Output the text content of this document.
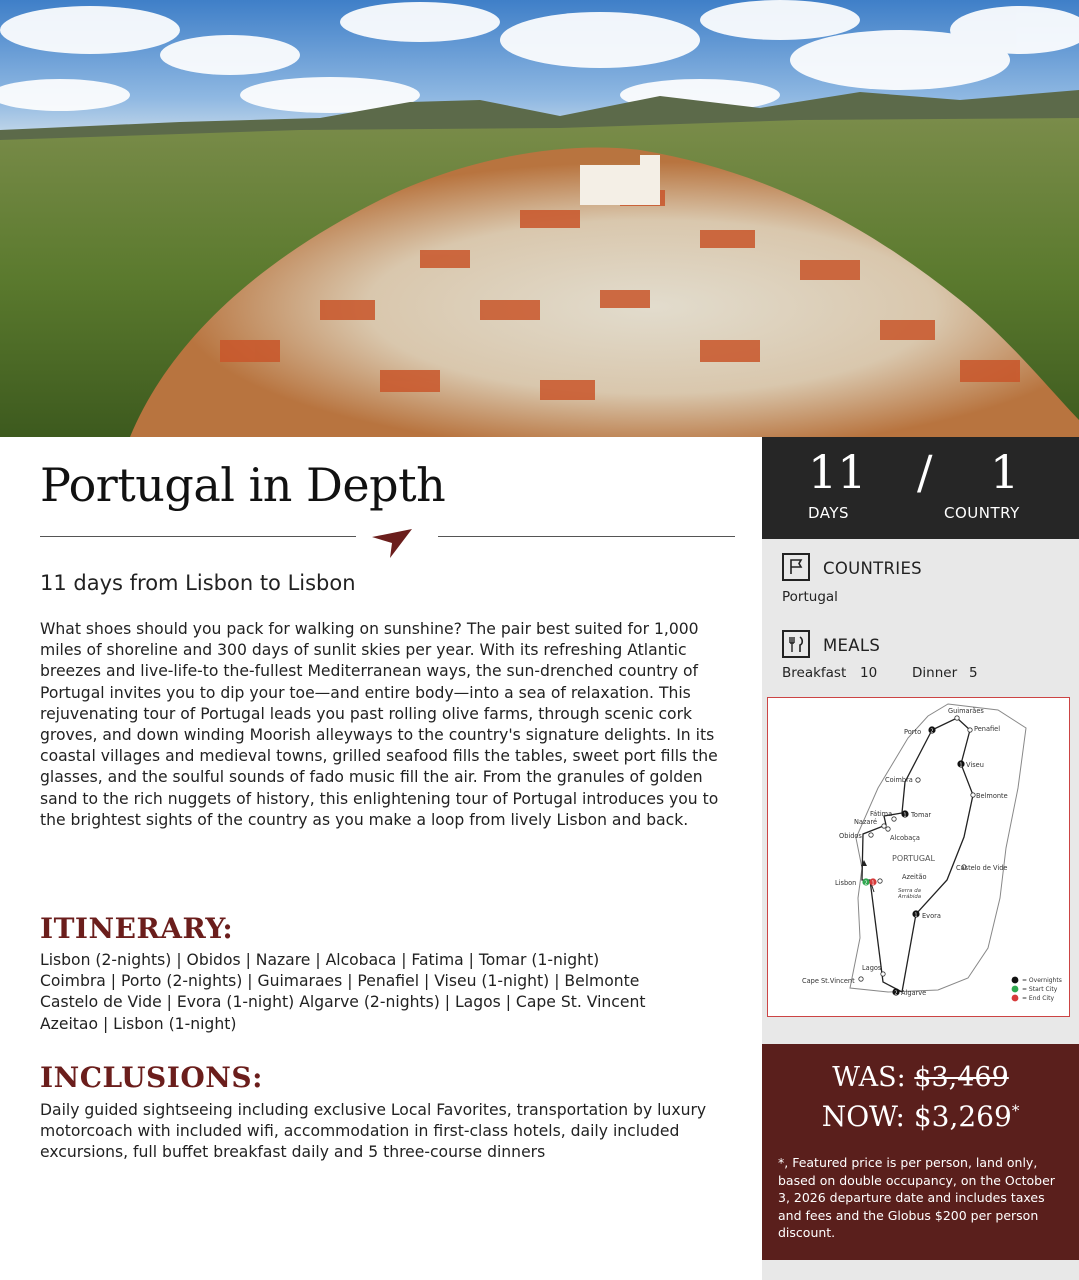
Portugal in Depth
11 days from Lisbon to Lisbon

What shoes should you pack for walking on sunshine? The pair best suited for 1,000 miles of shoreline and 300 days of sunlit skies per year. With its refreshing Atlantic breezes and live-life-to the-fullest Mediterranean ways, the sun-drenched country of Portugal invites you to dip your toe—and entire body—into a sea of relaxation. This rejuvenating tour of Portugal leads you past rolling olive farms, through scenic cork groves, and down winding Moorish alleyways to the country's signature delights. In its coastal villages and medieval towns, grilled seafood fills the tables, sweet port fills the glasses, and the soulful sounds of fado music fill the air. From the granules of golden sand to the rich nuggets of history, this enlightening tour of Portugal introduces you to the brightest sights of the country as you make a loop from lively Lisbon and back.

ITINERARY:
Lisbon (2-nights) | Obidos | Nazare | Alcobaca | Fatima | Tomar (1-night)
Coimbra | Porto (2-nights) | Guimaraes | Penafiel | Viseu (1-night) | Belmonte
Castelo de Vide | Evora (1-night) Algarve (2-nights) | Lagos | Cape St. Vincent
Azeitao | Lisbon (1-night)
INCLUSIONS:

Daily guided sightseeing including exclusive Local Favorites, transportation by luxury motorcoach with included wifi, accommodation in first-class hotels, daily included excursions, full buffet breakfast daily and 5 three-course dinners

11 / 1
DAYS	COUNTRY
COUNTRIES
Portugal
MEALS
Breakfast 10	Dinner 5
2
1
1
2 1
1
2
Guimarães
Porto	Penafiel
Viseu
Coimbra
Belmonte
Fátima	Tomar
Nazaré
Obidos	Alcobaça
Castelo de Vide
Azeitão
Lisbon
Evora
Lagos
Cape St.Vincent
Algarve
PORTUGAL
Serra da Arrábida
= Overnights
= Start City
= End City
WAS: $3,469
NOW: $3,269*

*, Featured price is per person, land only, based on double occupancy, on the October 3, 2026 departure date and includes taxes and fees and the Globus $200 per person discount.
